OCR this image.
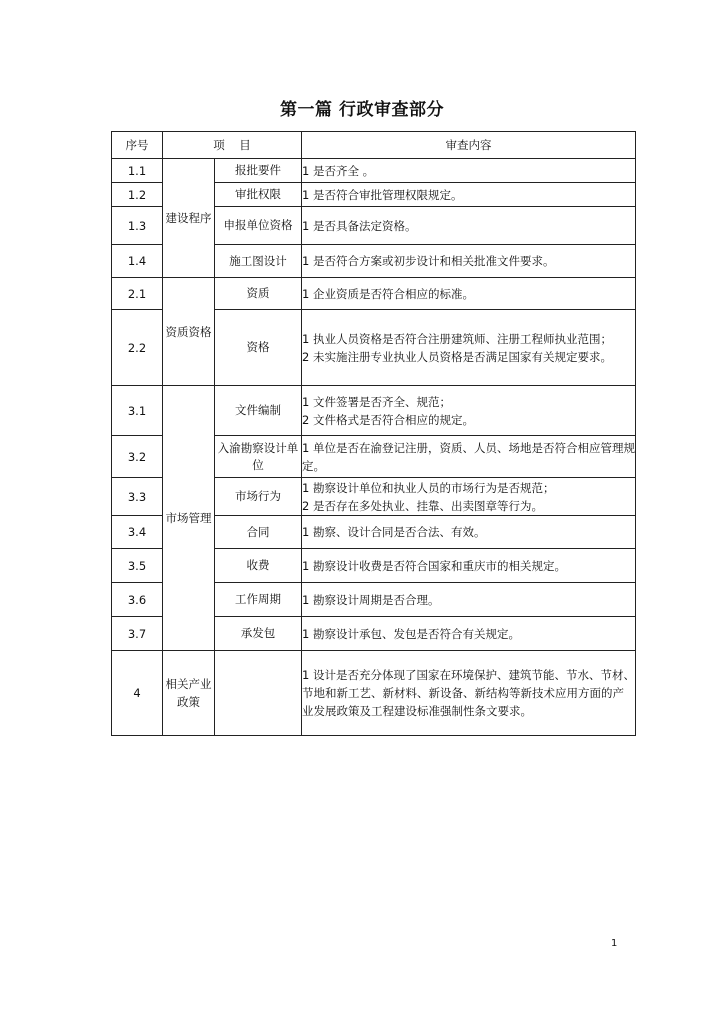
第一篇 行政审查部分
序号	项    目		审查内容
1.1	建设程序	报批要件	1 是否齐全 。

1.2		审批权限	1 是否符合审批管理权限规定。

1.3		申报单位资格	1 是否具备法定资格。

1.4		施工图设计	1 是否符合方案或初步设计和相关批准文件要求。

2.1	资质资格	资质	1 企业资质是否符合相应的标准。

2.2		资格	1 执业人员资格是否符合注册建筑师、注册工程师执业范围；
2 未实施注册专业执业人员资格是否满足国家有关规定要求。

3.1	市场管理	文件编制	1 文件签署是否齐全、规范；
2 文件格式是否符合相应的规定。

3.2		入渝勘察设计单位	1 单位是否在渝登记注册，资质、人员、场地是否符合相应管理规定。

3.3		市场行为	1 勘察设计单位和执业人员的市场行为是否规范；
2 是否存在多处执业、挂靠、出卖图章等行为。

3.4		合同	1 勘察、设计合同是否合法、有效。

3.5		收费	1 勘察设计收费是否符合国家和重庆市的相关规定。

3.6		工作周期	1 勘察设计周期是否合理。

3.7		承发包	1 勘察设计承包、发包是否符合有关规定。

4	相关产业政策		1 设计是否充分体现了国家在环境保护、建筑节能、节水、节材、节地和新工艺、新材料、新设备、新结构等新技术应用方面的产业发展政策及工程建设标准强制性条文要求。
1
